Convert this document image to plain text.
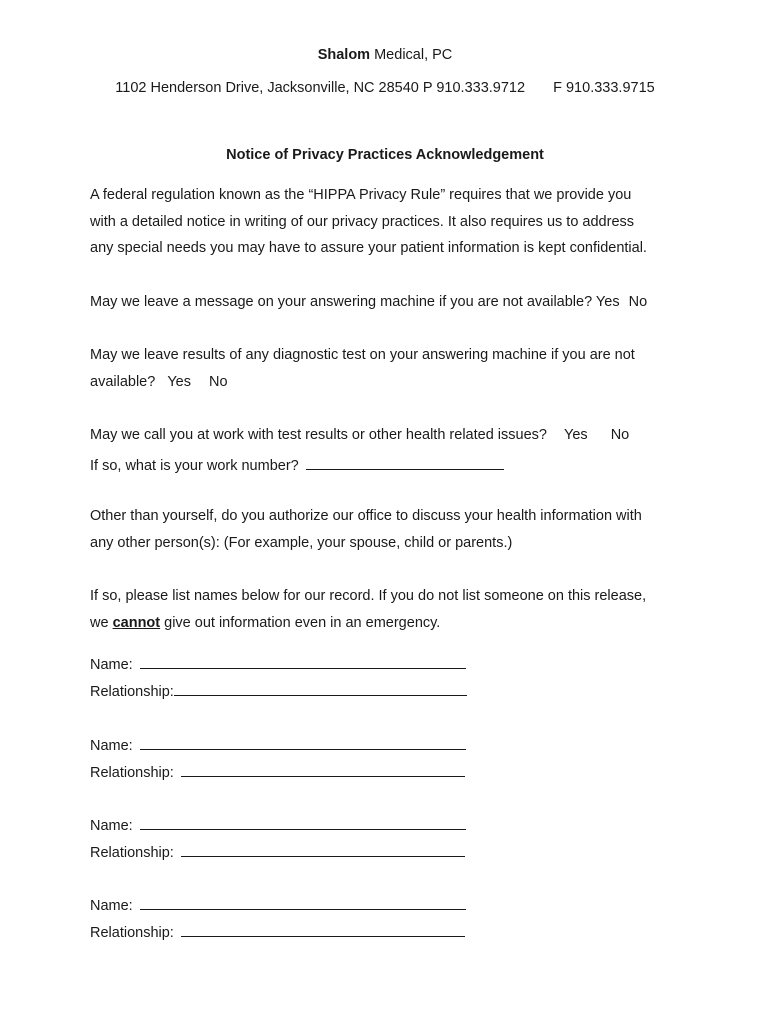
Shalom Medical, PC
1102 Henderson Drive, Jacksonville, NC 28540 P 910.333.9712 F 910.333.9715
Notice of Privacy Practices Acknowledgement
A federal regulation known as the “HIPPA Privacy Rule” requires that we provide you
with a detailed notice in writing of our privacy practices. It also requires us to address
any special needs you may have to assure your patient information is kept confidential.
May we leave a message on your answering machine if you are not available? Yes No
May we leave results of any diagnostic test on your answering machine if you are not
available? Yes No
May we call you at work with test results or other health related issues? Yes No
If so, what is your work number?
Other than yourself, do you authorize our office to discuss your health information with
any other person(s): (For example, your spouse, child or parents.)
If so, please list names below for our record. If you do not list someone on this release,
we cannot give out information even in an emergency.
Name:
Relationship:
Name:
Relationship:
Name:
Relationship:
Name:
Relationship:
